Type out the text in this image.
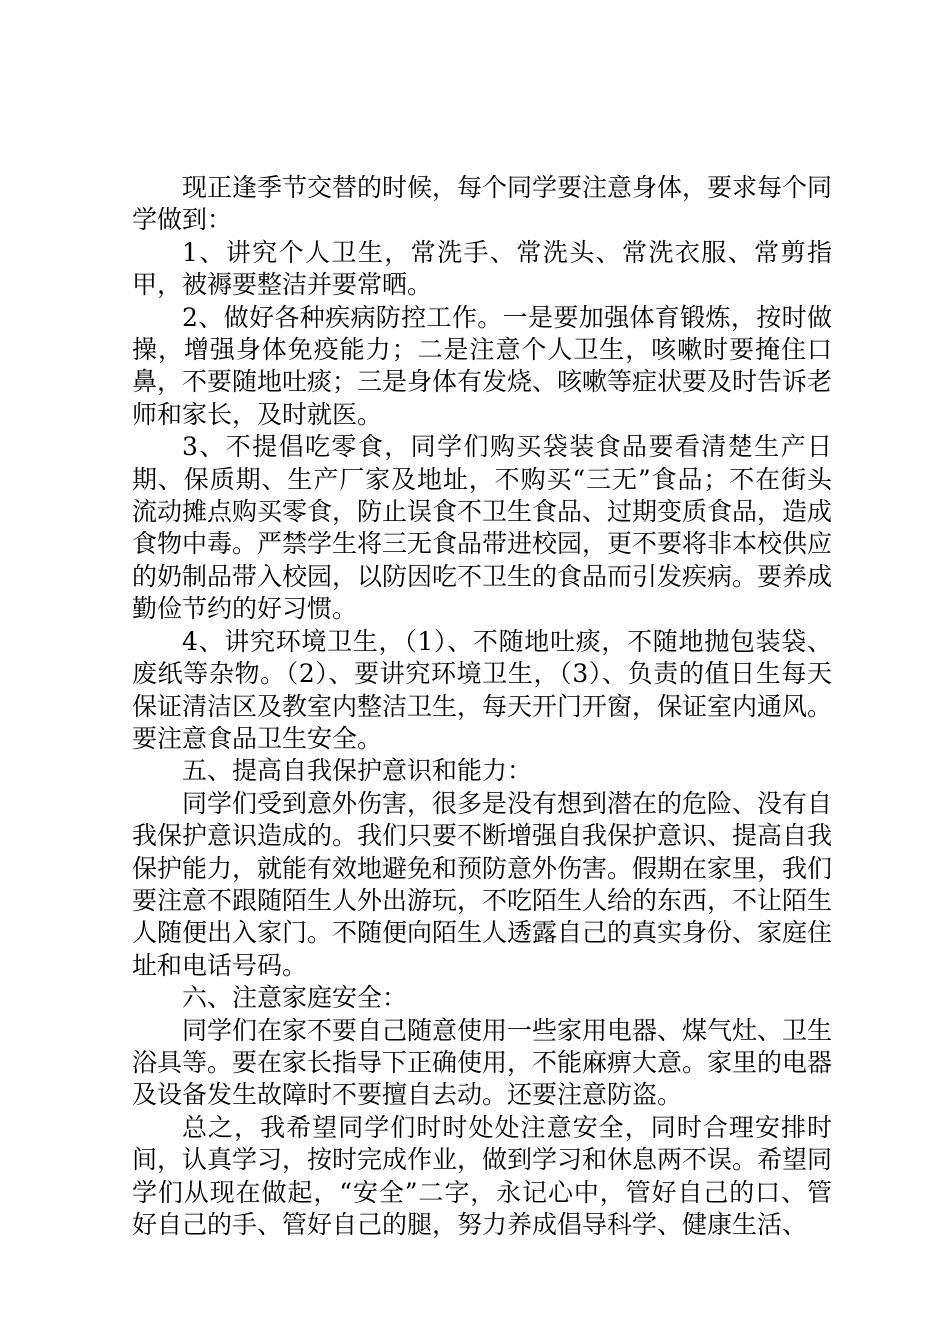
现正逢季节交替的时候，每个同学要注意身体，要求每个同学做到：

1、讲究个人卫生，常洗手、常洗头、常洗衣服、常剪指甲，被褥要整洁并要常晒。

2、做好各种疾病防控工作。一是要加强体育锻炼，按时做操，增强身体免疫能力；二是注意个人卫生，咳嗽时要掩住口鼻，不要随地吐痰；三是身体有发烧、咳嗽等症状要及时告诉老师和家长，及时就医。

3、不提倡吃零食，同学们购买袋装食品要看清楚生产日期、保质期、生产厂家及地址，不购买“三无”食品；不在街头流动摊点购买零食，防止误食不卫生食品、过期变质食品，造成食物中毒。严禁学生将三无食品带进校园，更不要将非本校供应的奶制品带入校园，以防因吃不卫生的食品而引发疾病。要养成勤俭节约的好习惯。

4、讲究环境卫生，（1）、不随地吐痰，不随地抛包装袋、废纸等杂物。（2）、要讲究环境卫生，（3）、负责的值日生每天保证清洁区及教室内整洁卫生，每天开门开窗，保证室内通风。要注意食品卫生安全。

五、提高自我保护意识和能力：

同学们受到意外伤害，很多是没有想到潜在的危险、没有自我保护意识造成的。我们只要不断增强自我保护意识、提高自我保护能力，就能有效地避免和预防意外伤害。假期在家里，我们要注意不跟随陌生人外出游玩，不吃陌生人给的东西，不让陌生人随便出入家门。不随便向陌生人透露自己的真实身份、家庭住址和电话号码。

六、注意家庭安全：

同学们在家不要自己随意使用一些家用电器、煤气灶、卫生浴具等。要在家长指导下正确使用，不能麻痹大意。家里的电器及设备发生故障时不要擅自去动。还要注意防盗。

总之，我希望同学们时时处处注意安全，同时合理安排时间，认真学习，按时完成作业，做到学习和休息两不误。希望同学们从现在做起，“安全”二字，永记心中，管好自己的口、管好自己的手、管好自己的腿，努力养成倡导科学、健康生活、
